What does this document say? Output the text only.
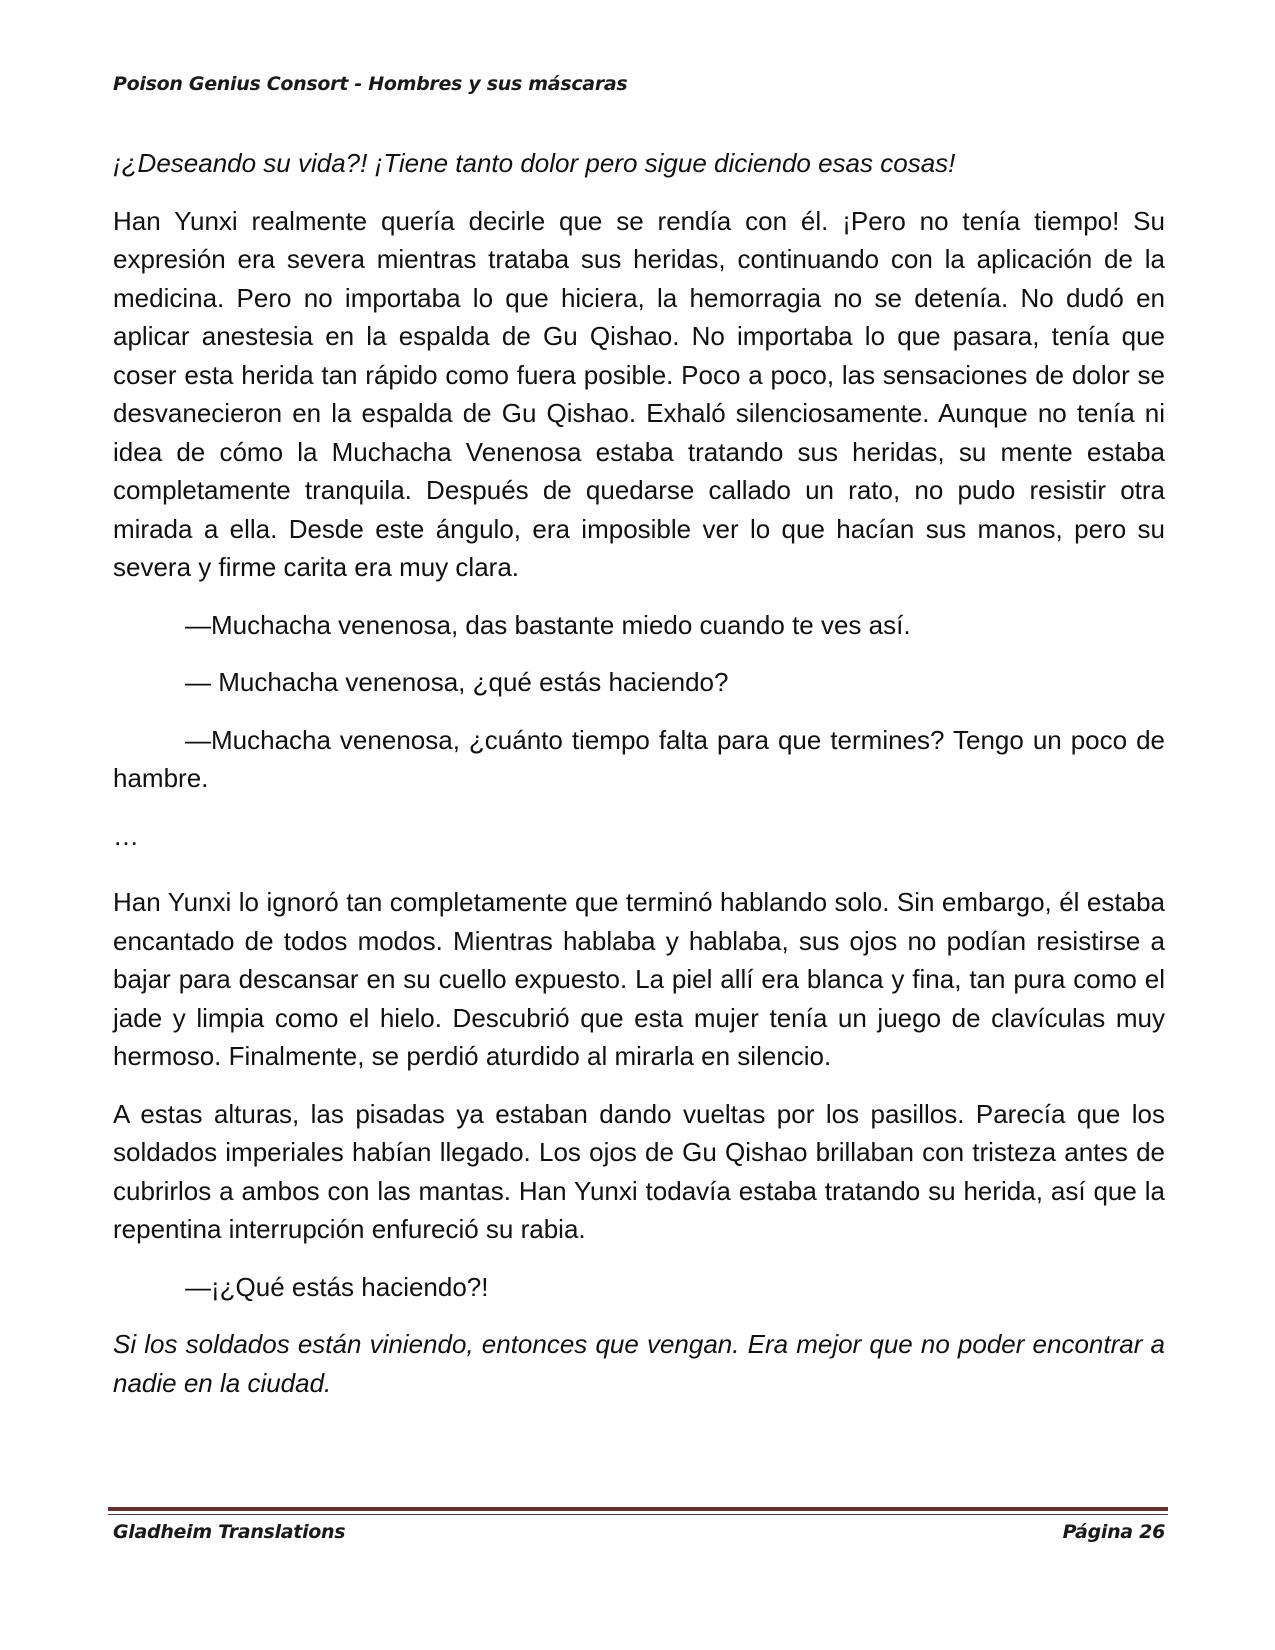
Poison Genius Consort - Hombres y sus máscaras

¡¿Deseando su vida?! ¡Tiene tanto dolor pero sigue diciendo esas cosas!

Han Yunxi realmente quería decirle que se rendía con él. ¡Pero no tenía tiempo! Su expresión era severa mientras trataba sus heridas, continuando con la aplicación de la medicina. Pero no importaba lo que hiciera, la hemorragia no se detenía. No dudó en aplicar anestesia en la espalda de Gu Qishao. No importaba lo que pasara, tenía que coser esta herida tan rápido como fuera posible. Poco a poco, las sensaciones de dolor se desvanecieron en la espalda de Gu Qishao. Exhaló silenciosamente. Aunque no tenía ni idea de cómo la Muchacha Venenosa estaba tratando sus heridas, su mente estaba completamente tranquila. Después de quedarse callado un rato, no pudo resistir otra mirada a ella. Desde este ángulo, era imposible ver lo que hacían sus manos, pero su severa y firme carita era muy clara.

—Muchacha venenosa, das bastante miedo cuando te ves así.

— Muchacha venenosa, ¿qué estás haciendo?

—Muchacha venenosa, ¿cuánto tiempo falta para que termines? Tengo un poco de hambre.

…

Han Yunxi lo ignoró tan completamente que terminó hablando solo. Sin embargo, él estaba encantado de todos modos. Mientras hablaba y hablaba, sus ojos no podían resistirse a bajar para descansar en su cuello expuesto. La piel allí era blanca y fina, tan pura como el jade y limpia como el hielo. Descubrió que esta mujer tenía un juego de clavículas muy hermoso. Finalmente, se perdió aturdido al mirarla en silencio.

A estas alturas, las pisadas ya estaban dando vueltas por los pasillos. Parecía que los soldados imperiales habían llegado. Los ojos de Gu Qishao brillaban con tristeza antes de cubrirlos a ambos con las mantas. Han Yunxi todavía estaba tratando su herida, así que la repentina interrupción enfureció su rabia.

—¡¿Qué estás haciendo?!

Si los soldados están viniendo, entonces que vengan. Era mejor que no poder encontrar a nadie en la ciudad.

Gladheim Translations	Página 26
